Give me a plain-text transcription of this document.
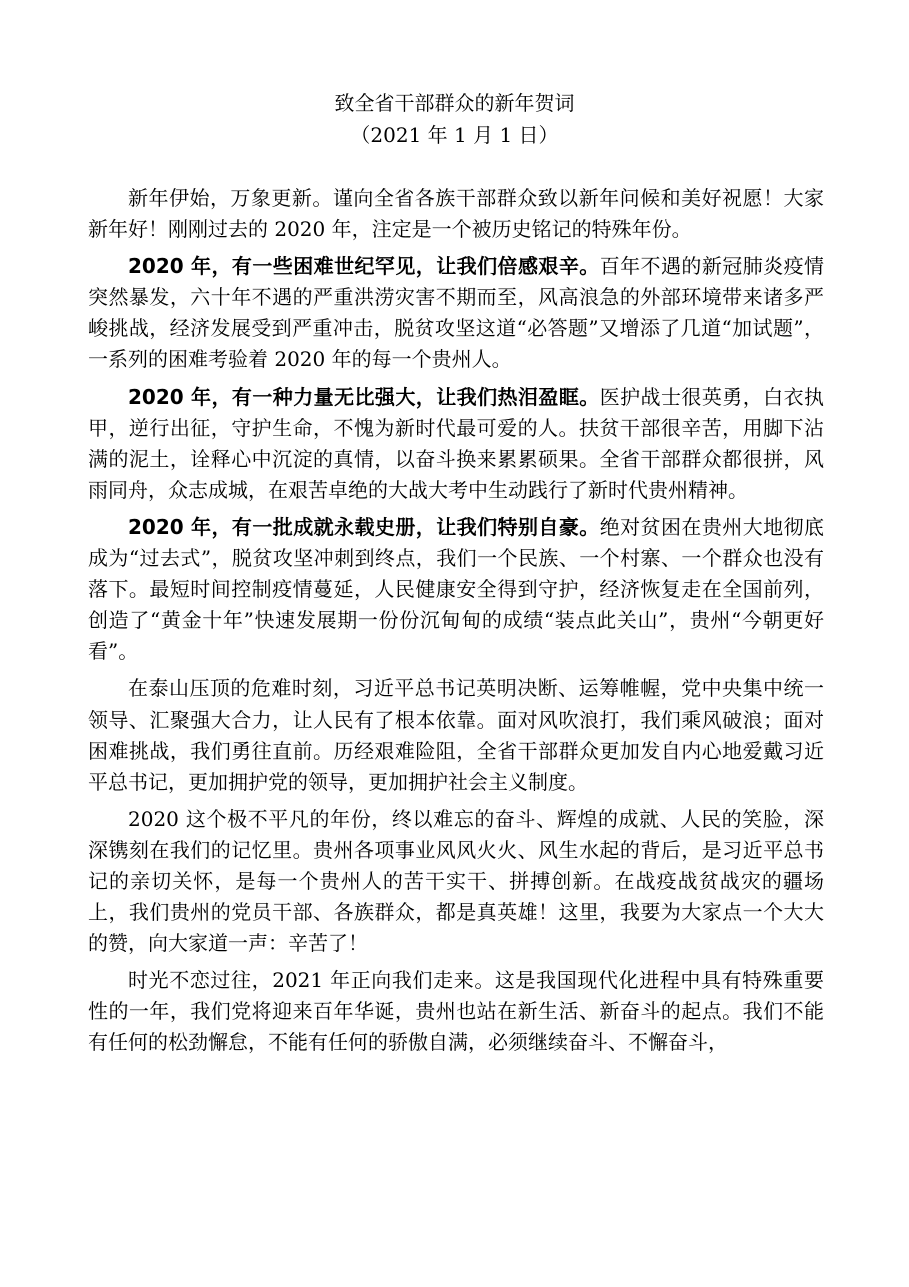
致全省干部群众的新年贺词
（2021 年 1 月 1 日）

新年伊始，万象更新。谨向全省各族干部群众致以新年问候和美好祝愿！大家新年好！刚刚过去的 2020 年，注定是一个被历史铭记的特殊年份。

2020 年，有一些困难世纪罕见，让我们倍感艰辛。百年不遇的新冠肺炎疫情突然暴发，六十年不遇的严重洪涝灾害不期而至，风高浪急的外部环境带来诸多严峻挑战，经济发展受到严重冲击，脱贫攻坚这道“必答题”又增添了几道“加试题”，一系列的困难考验着 2020 年的每一个贵州人。

2020 年，有一种力量无比强大，让我们热泪盈眶。医护战士很英勇，白衣执甲，逆行出征，守护生命，不愧为新时代最可爱的人。扶贫干部很辛苦，用脚下沾满的泥土，诠释心中沉淀的真情，以奋斗换来累累硕果。全省干部群众都很拼，风雨同舟，众志成城，在艰苦卓绝的大战大考中生动践行了新时代贵州精神。

2020 年，有一批成就永载史册，让我们特别自豪。绝对贫困在贵州大地彻底成为“过去式”，脱贫攻坚冲刺到终点，我们一个民族、一个村寨、一个群众也没有落下。最短时间控制疫情蔓延，人民健康安全得到守护，经济恢复走在全国前列，创造了“黄金十年”快速发展期一份份沉甸甸的成绩“装点此关山”，贵州“今朝更好看”。

在泰山压顶的危难时刻，习近平总书记英明决断、运筹帷幄，党中央集中统一领导、汇聚强大合力，让人民有了根本依靠。面对风吹浪打，我们乘风破浪；面对困难挑战，我们勇往直前。历经艰难险阻，全省干部群众更加发自内心地爱戴习近平总书记，更加拥护党的领导，更加拥护社会主义制度。

2020 这个极不平凡的年份，终以难忘的奋斗、辉煌的成就、人民的笑脸，深深镌刻在我们的记忆里。贵州各项事业风风火火、风生水起的背后，是习近平总书记的亲切关怀，是每一个贵州人的苦干实干、拼搏创新。在战疫战贫战灾的疆场上，我们贵州的党员干部、各族群众，都是真英雄！这里，我要为大家点一个大大的赞，向大家道一声：辛苦了！

时光不恋过往，2021 年正向我们走来。这是我国现代化进程中具有特殊重要性的一年，我们党将迎来百年华诞，贵州也站在新生活、新奋斗的起点。我们不能有任何的松劲懈怠，不能有任何的骄傲自满，必须继续奋斗、不懈奋斗，
